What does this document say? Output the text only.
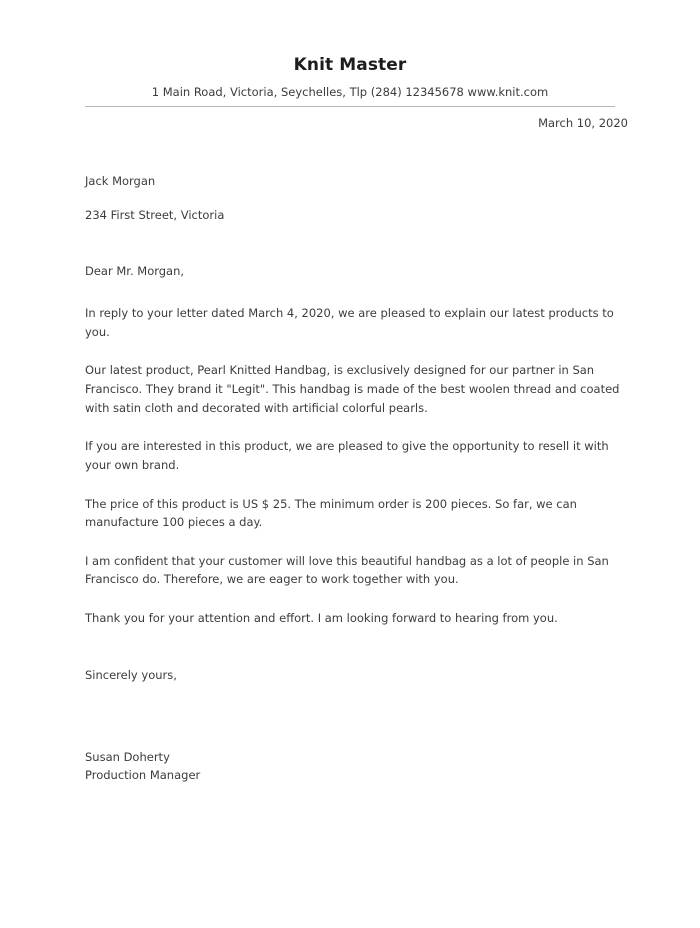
Knit Master
1 Main Road, Victoria, Seychelles, Tlp (284) 12345678 www.knit.com
March 10, 2020

Jack Morgan

234 First Street, Victoria

Dear Mr. Morgan,

In reply to your letter dated March 4, 2020, we are pleased to explain our latest products to you.

Our latest product, Pearl Knitted Handbag, is exclusively designed for our partner in San Francisco. They brand it "Legit". This handbag is made of the best woolen thread and coated with satin cloth and decorated with artificial colorful pearls.

If you are interested in this product, we are pleased to give the opportunity to resell it with your own brand.

The price of this product is US $ 25. The minimum order is 200 pieces. So far, we can manufacture 100 pieces a day.

I am confident that your customer will love this beautiful handbag as a lot of people in San Francisco do. Therefore, we are eager to work together with you.

Thank you for your attention and effort. I am looking forward to hearing from you.

Sincerely yours,

Susan Doherty

Production Manager
